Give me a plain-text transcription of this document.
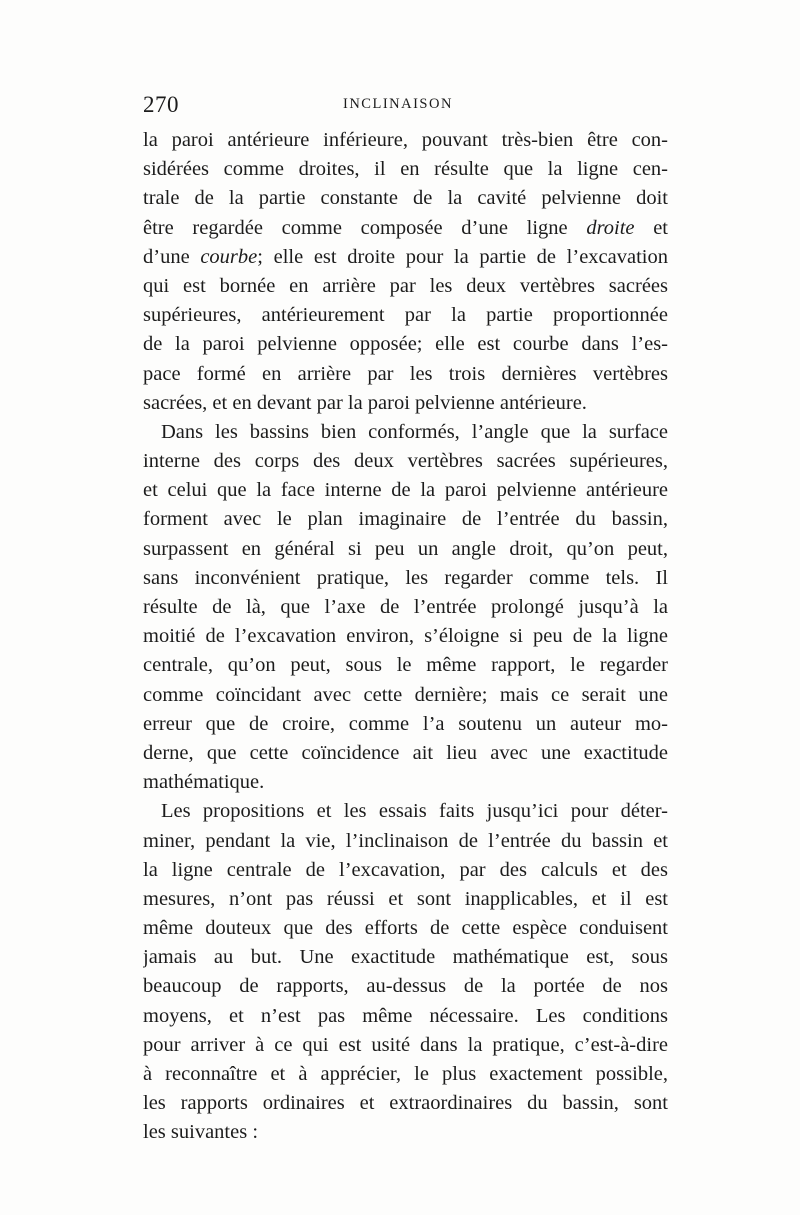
270	INCLINAISON
la paroi antérieure inférieure, pouvant très-bien être con-
sidérées comme droites, il en résulte que la ligne cen-
trale de la partie constante de la cavité pelvienne doit
être regardée comme composée d’une ligne droite et
d’une courbe; elle est droite pour la partie de l’excavation
qui est bornée en arrière par les deux vertèbres sacrées
supérieures, antérieurement par la partie proportionnée
de la paroi pelvienne opposée; elle est courbe dans l’es-
pace formé en arrière par les trois dernières vertèbres
sacrées, et en devant par la paroi pelvienne antérieure.
Dans les bassins bien conformés, l’angle que la surface
interne des corps des deux vertèbres sacrées supérieures,
et celui que la face interne de la paroi pelvienne antérieure
forment avec le plan imaginaire de l’entrée du bassin,
surpassent en général si peu un angle droit, qu’on peut,
sans inconvénient pratique, les regarder comme tels. Il
résulte de là, que l’axe de l’entrée prolongé jusqu’à la
moitié de l’excavation environ, s’éloigne si peu de la ligne
centrale, qu’on peut, sous le même rapport, le regarder
comme coïncidant avec cette dernière; mais ce serait une
erreur que de croire, comme l’a soutenu un auteur mo-
derne, que cette coïncidence ait lieu avec une exactitude
mathématique.
Les propositions et les essais faits jusqu’ici pour déter-
miner, pendant la vie, l’inclinaison de l’entrée du bassin et
la ligne centrale de l’excavation, par des calculs et des
mesures, n’ont pas réussi et sont inapplicables, et il est
même douteux que des efforts de cette espèce conduisent
jamais au but. Une exactitude mathématique est, sous
beaucoup de rapports, au-dessus de la portée de nos
moyens, et n’est pas même nécessaire. Les conditions
pour arriver à ce qui est usité dans la pratique, c’est-à-dire
à reconnaître et à apprécier, le plus exactement possible,
les rapports ordinaires et extraordinaires du bassin, sont
les suivantes :
